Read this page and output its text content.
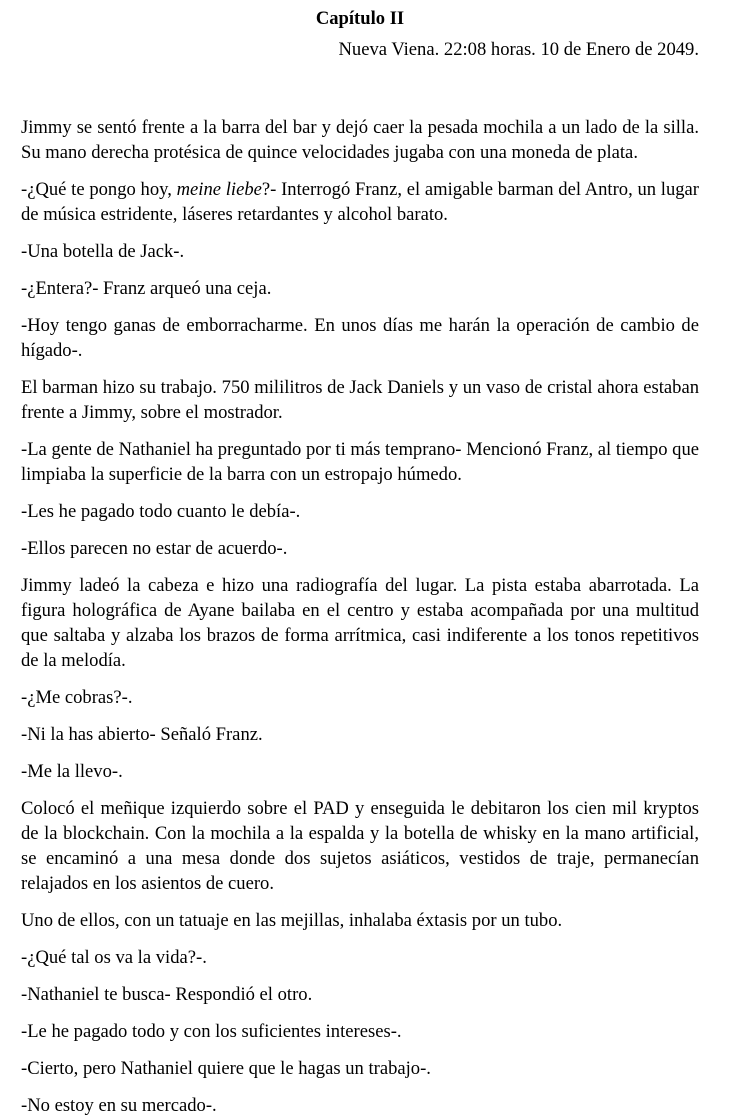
Capítulo II

Nueva Viena. 22:08 horas. 10 de Enero de 2049.

Jimmy se sentó frente a la barra del bar y dejó caer la pesada mochila a un lado de la silla. Su mano derecha protésica de quince velocidades jugaba con una moneda de plata.

-¿Qué te pongo hoy, meine liebe?- Interrogó Franz, el amigable barman del Antro, un lugar de música estridente, láseres retardantes y alcohol barato.

-Una botella de Jack-.

-¿Entera?- Franz arqueó una ceja.

-Hoy tengo ganas de emborracharme. En unos días me harán la operación de cambio de hígado-.

El barman hizo su trabajo. 750 mililitros de Jack Daniels y un vaso de cristal ahora estaban frente a Jimmy, sobre el mostrador.

-La gente de Nathaniel ha preguntado por ti más temprano- Mencionó Franz, al tiempo que limpiaba la superficie de la barra con un estropajo húmedo.

-Les he pagado todo cuanto le debía-.

-Ellos parecen no estar de acuerdo-.

Jimmy ladeó la cabeza e hizo una radiografía del lugar. La pista estaba abarrotada. La figura holográfica de Ayane bailaba en el centro y estaba acompañada por una multitud que saltaba y alzaba los brazos de forma arrítmica, casi indiferente a los tonos repetitivos de la melodía.

-¿Me cobras?-.

-Ni la has abierto- Señaló Franz.

-Me la llevo-.

Colocó el meñique izquierdo sobre el PAD y enseguida le debitaron los cien mil kryptos de la blockchain. Con la mochila a la espalda y la botella de whisky en la mano artificial, se encaminó a una mesa donde dos sujetos asiáticos, vestidos de traje, permanecían relajados en los asientos de cuero.

Uno de ellos, con un tatuaje en las mejillas, inhalaba éxtasis por un tubo.

-¿Qué tal os va la vida?-.

-Nathaniel te busca- Respondió el otro.

-Le he pagado todo y con los suficientes intereses-.

-Cierto, pero Nathaniel quiere que le hagas un trabajo-.

-No estoy en su mercado-.
